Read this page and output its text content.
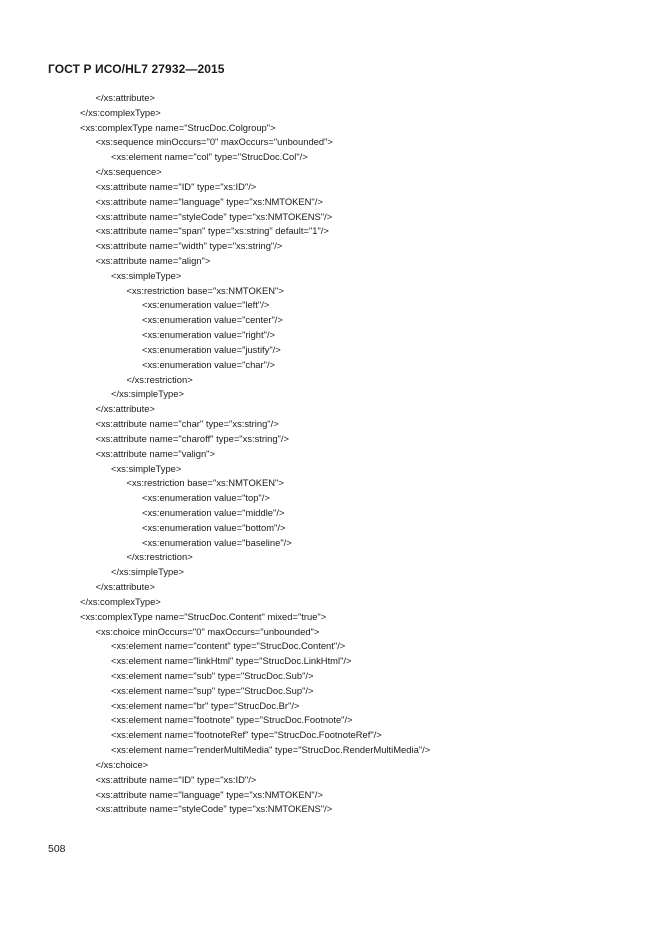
ГОСТ Р ИСО/HL7 27932—2015
</xs:attribute>
</xs:complexType>
<xs:complexType name="StrucDoc.Colgroup">
<xs:sequence minOccurs="0" maxOccurs="unbounded">
<xs:element name="col" type="StrucDoc.Col"/>
</xs:sequence>
<xs:attribute name="ID" type="xs:ID"/>
<xs:attribute name="language" type="xs:NMTOKEN"/>
<xs:attribute name="styleCode" type="xs:NMTOKENS"/>
<xs:attribute name="span" type="xs:string" default="1"/>
<xs:attribute name="width" type="xs:string"/>
<xs:attribute name="align">
<xs:simpleType>
<xs:restriction base="xs:NMTOKEN">
<xs:enumeration value="left"/>
<xs:enumeration value="center"/>
<xs:enumeration value="right"/>
<xs:enumeration value="justify"/>
<xs:enumeration value="char"/>
</xs:restriction>
</xs:simpleType>
</xs:attribute>
<xs:attribute name="char" type="xs:string"/>
<xs:attribute name="charoff" type="xs:string"/>
<xs:attribute name="valign">
<xs:simpleType>
<xs:restriction base="xs:NMTOKEN">
<xs:enumeration value="top"/>
<xs:enumeration value="middle"/>
<xs:enumeration value="bottom"/>
<xs:enumeration value="baseline"/>
</xs:restriction>
</xs:simpleType>
</xs:attribute>
</xs:complexType>
<xs:complexType name="StrucDoc.Content" mixed="true">
<xs:choice minOccurs="0" maxOccurs="unbounded">
<xs:element name="content" type="StrucDoc.Content"/>
<xs:element name="linkHtml" type="StrucDoc.LinkHtml"/>
<xs:element name="sub" type="StrucDoc.Sub"/>
<xs:element name="sup" type="StrucDoc.Sup"/>
<xs:element name="br" type="StrucDoc.Br"/>
<xs:element name="footnote" type="StrucDoc.Footnote"/>
<xs:element name="footnoteRef" type="StrucDoc.FootnoteRef"/>
<xs:element name="renderMultiMedia" type="StrucDoc.RenderMultiMedia"/>
</xs:choice>
<xs:attribute name="ID" type="xs:ID"/>
<xs:attribute name="language" type="xs:NMTOKEN"/>
<xs:attribute name="styleCode" type="xs:NMTOKENS"/>
508
